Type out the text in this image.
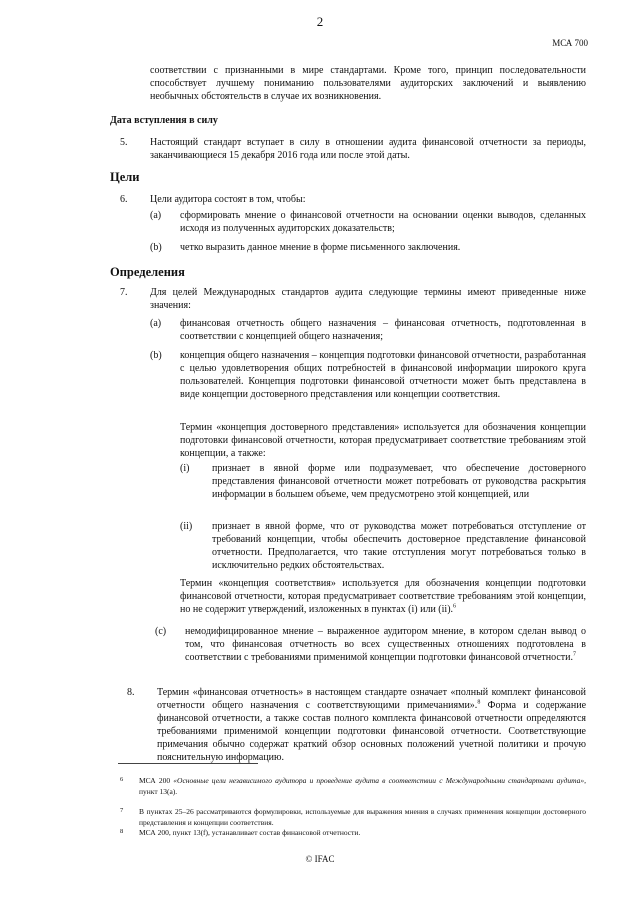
2
МСА 700
соответствии с признанными в мире стандартами. Кроме того, принцип последовательности способствует лучшему пониманию пользователями аудиторских заключений и выявлению необычных обстоятельств в случае их возникновения.
Дата вступления в силу
5. Настоящий стандарт вступает в силу в отношении аудита финансовой отчетности за периоды, заканчивающиеся 15 декабря 2016 года или после этой даты.
Цели
6. Цели аудитора состоят в том, чтобы:
(a) сформировать мнение о финансовой отчетности на основании оценки выводов, сделанных исходя из полученных аудиторских доказательств;
(b) четко выразить данное мнение в форме письменного заключения.
Определения
7. Для целей Международных стандартов аудита следующие термины имеют приведенные ниже значения:
(a) финансовая отчетность общего назначения – финансовая отчетность, подготовленная в соответствии с концепцией общего назначения;
(b) концепция общего назначения – концепция подготовки финансовой отчетности, разработанная с целью удовлетворения общих потребностей в финансовой информации широкого круга пользователей. Концепция подготовки финансовой отчетности может быть представлена в виде концепции достоверного представления или концепции соответствия.
Термин «концепция достоверного представления» используется для обозначения концепции подготовки финансовой отчетности, которая предусматривает соответствие требованиям этой концепции, а также:
(i) признает в явной форме или подразумевает, что обеспечение достоверного представления финансовой отчетности может потребовать от руководства раскрытия информации в большем объеме, чем предусмотрено этой концепцией, или
(ii) признает в явной форме, что от руководства может потребоваться отступление от требований концепции, чтобы обеспечить достоверное представление финансовой отчетности. Предполагается, что такие отступления могут потребоваться только в исключительно редких обстоятельствах.
Термин «концепция соответствия» используется для обозначения концепции подготовки финансовой отчетности, которая предусматривает соответствие требованиям этой концепции, но не содержит утверждений, изложенных в пунктах (i) или (ii).$^6$
(c) немодифицированное мнение – выраженное аудитором мнение, в котором сделан вывод о том, что финансовая отчетность во всех существенных отношениях подготовлена в соответствии с требованиями применимой концепции подготовки финансовой отчетности.$^7$
8. Термин «финансовая отчетность» в настоящем стандарте означает «полный комплект финансовой отчетности общего назначения с соответствующими примечаниями».$^8$ Форма и содержание финансовой отчетности, а также состав полного комплекта финансовой отчетности определяются требованиями применимой концепции подготовки финансовой отчетности. Соответствующие примечания обычно содержат краткий обзор основных положений учетной политики и прочую пояснительную информацию.
6 МСА 200 «Основные цели независимого аудитора и проведение аудита в соответствии с Международными стандартами аудита», пункт 13(a).
7 В пунктах 25–26 рассматриваются формулировки, используемые для выражения мнения в случаях применения концепции достоверного представления и концепции соответствия.
8 МСА 200, пункт 13(f), устанавливает состав финансовой отчетности.
© IFAC
